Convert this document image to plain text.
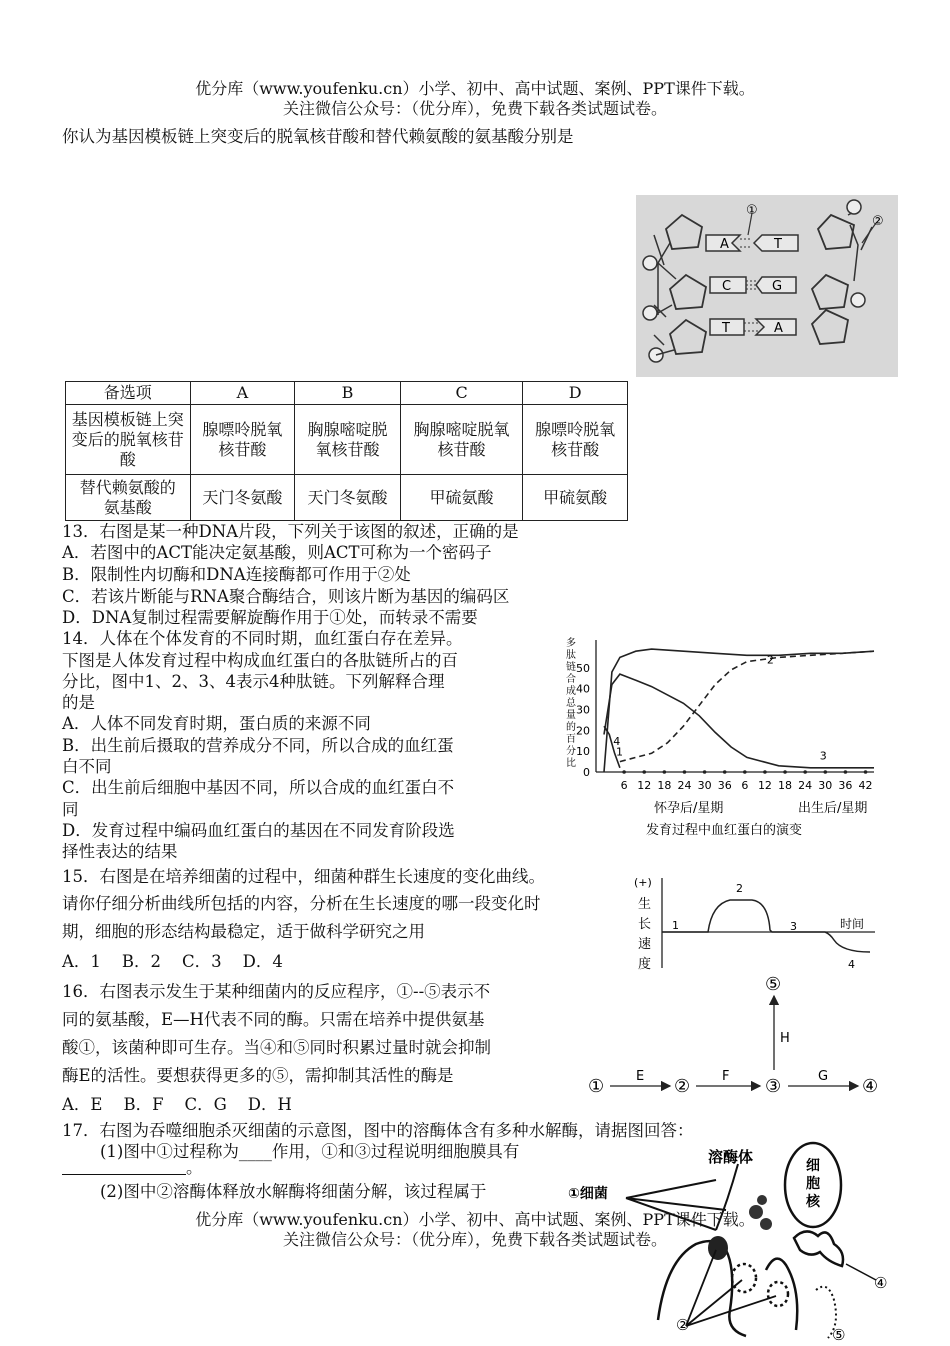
优分库（www.youfenku.cn）小学、初中、高中试题、案例、PPT课件下载。
关注微信公众号：（优分库），免费下载各类试题试卷。
你认为基因模板链上突变后的脱氧核苷酸和替代赖氨酸的氨基酸分别是
A	T
C	G
T	A
①
②
备选项	A	B	C	D
基因模板链上突变后的脱氧核苷酸	腺嘌呤脱氧核苷酸	胸腺嘧啶脱氧核苷酸	胸腺嘧啶脱氧核苷酸	腺嘌呤脱氧核苷酸
替代赖氨酸的氨基酸	天门冬氨酸	天门冬氨酸	甲硫氨酸	甲硫氨酸
13．右图是某一种DNA片段，下列关于该图的叙述，正确的是
A．若图中的ACT能决定氨基酸，则ACT可称为一个密码子
B．限制性内切酶和DNA连接酶都可作用于②处
C．若该片断能与RNA聚合酶结合，则该片断为基因的编码区
D．DNA复制过程需要解旋酶作用于①处，而转录不需要
14．人体在个体发育的不同时期，血红蛋白存在差异。
下图是人体发育过程中构成血红蛋白的各肽链所占的百
分比，图中1、2、3、4表示4种肽链。下列解释合理
的是
A．人体不同发育时期，蛋白质的来源不同
B．出生前后摄取的营养成分不同，所以合成的血红蛋
白不同
C．出生前后细胞中基因不同，所以合成的血红蛋白不
同
D．发育过程中编码血红蛋白的基因在不同发育阶段选
择性表达的结果
多肽链合成总量的百分比
0
10
20
30
40
50
6 12 18 24 30 36 6 12 18 24 30 36 42
1
2
3
4
怀孕后/星期	出生后/星期
发育过程中血红蛋白的演变
15．右图是在培养细菌的过程中，细菌种群生长速度的变化曲线。
请你仔细分析曲线所包括的内容，分析在生长速度的哪一段变化时
期，细胞的形态结构最稳定，适于做科学研究之用
A．1    B．2    C．3    D．4
(+)
生长速度
1
2
3
4
时间
16．右图表示发生于某种细菌内的反应程序，①--⑤表示不
同的氨基酸，E—H代表不同的酶。只需在培养中提供氨基
酸①，该菌种即可生存。当④和⑤同时积累过量时就会抑制
酶E的活性。要想获得更多的⑤，需抑制其活性的酶是
A．E    B．F    C．G    D．H
①	②	③	④
⑤
E	F	G
H
17．右图为吞噬细胞杀灭细菌的示意图，图中的溶酶体含有多种水解酶，请据图回答：
(1)图中①过程称为____作用，①和③过程说明细胞膜具有
。
(2)图中②溶酶体释放水解酶将细菌分解，该过程属于
溶酶体	细胞核
①细菌
②
④
⑤
优分库（www.youfenku.cn）小学、初中、高中试题、案例、PPT课件下载。
关注微信公众号：（优分库），免费下载各类试题试卷。
